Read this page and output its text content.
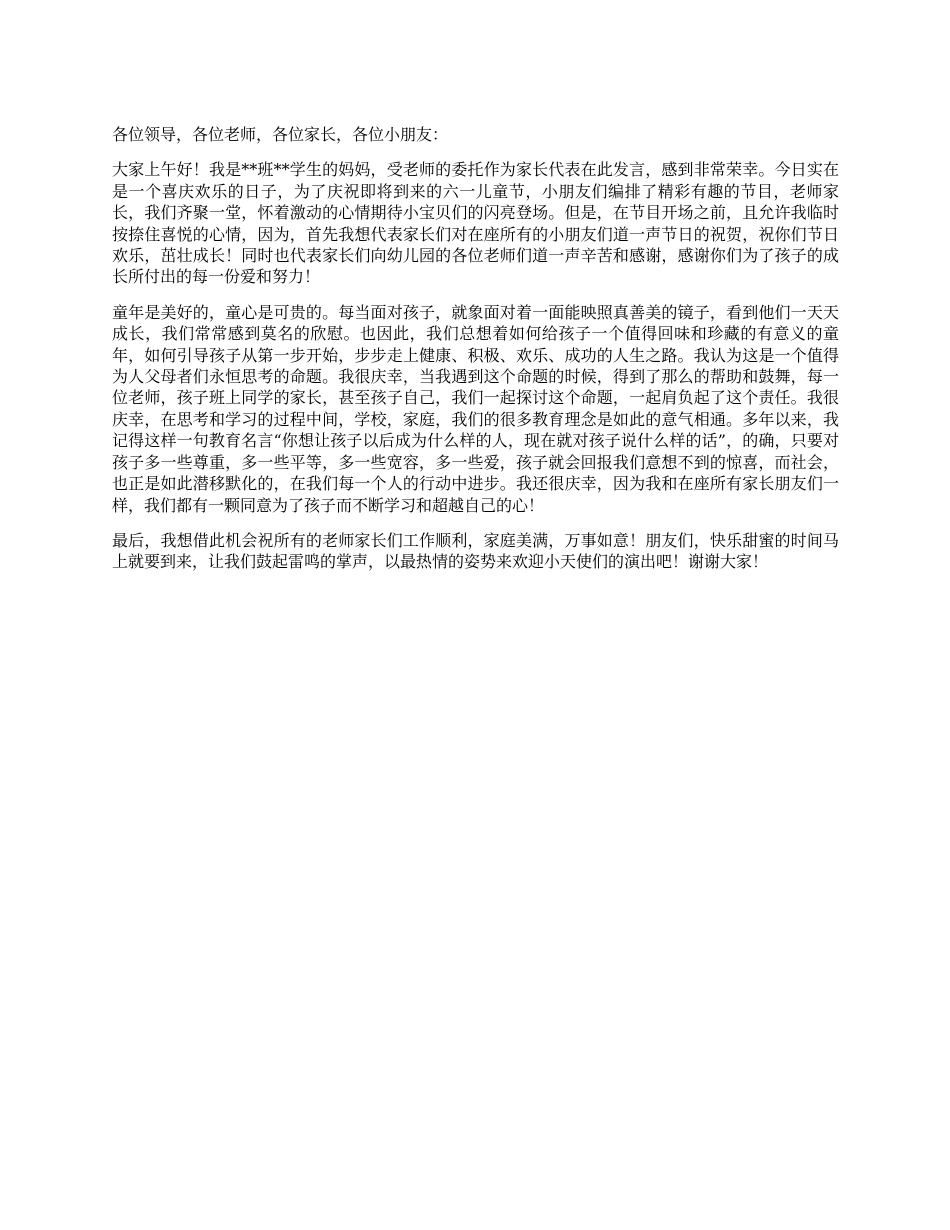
各位领导，各位老师，各位家长，各位小朋友：

大家上午好！我是**班**学生的妈妈，受老师的委托作为家长代表在此发言，感到非常荣幸。今日实在是一个喜庆欢乐的日子，为了庆祝即将到来的六一儿童节，小朋友们编排了精彩有趣的节目，老师家长，我们齐聚一堂，怀着激动的心情期待小宝贝们的闪亮登场。但是，在节目开场之前，且允许我临时按捺住喜悦的心情，因为，首先我想代表家长们对在座所有的小朋友们道一声节日的祝贺，祝你们节日欢乐，茁壮成长！同时也代表家长们向幼儿园的各位老师们道一声辛苦和感谢，感谢你们为了孩子的成长所付出的每一份爱和努力！

童年是美好的，童心是可贵的。每当面对孩子，就象面对着一面能映照真善美的镜子，看到他们一天天成长，我们常常感到莫名的欣慰。也因此，我们总想着如何给孩子一个值得回味和珍藏的有意义的童年，如何引导孩子从第一步开始，步步走上健康、积极、欢乐、成功的人生之路。我认为这是一个值得为人父母者们永恒思考的命题。我很庆幸，当我遇到这个命题的时候，得到了那么的帮助和鼓舞，每一位老师，孩子班上同学的家长，甚至孩子自己，我们一起探讨这个命题，一起肩负起了这个责任。我很庆幸，在思考和学习的过程中间，学校，家庭，我们的很多教育理念是如此的意气相通。多年以来，我记得这样一句教育名言“你想让孩子以后成为什么样的人，现在就对孩子说什么样的话”，的确，只要对孩子多一些尊重，多一些平等，多一些宽容，多一些爱，孩子就会回报我们意想不到的惊喜，而社会，也正是如此潜移默化的，在我们每一个人的行动中进步。我还很庆幸，因为我和在座所有家长朋友们一样，我们都有一颗同意为了孩子而不断学习和超越自己的心！

最后，我想借此机会祝所有的老师家长们工作顺利，家庭美满，万事如意！朋友们，快乐甜蜜的时间马上就要到来，让我们鼓起雷鸣的掌声，以最热情的姿势来欢迎小天使们的演出吧！谢谢大家！
